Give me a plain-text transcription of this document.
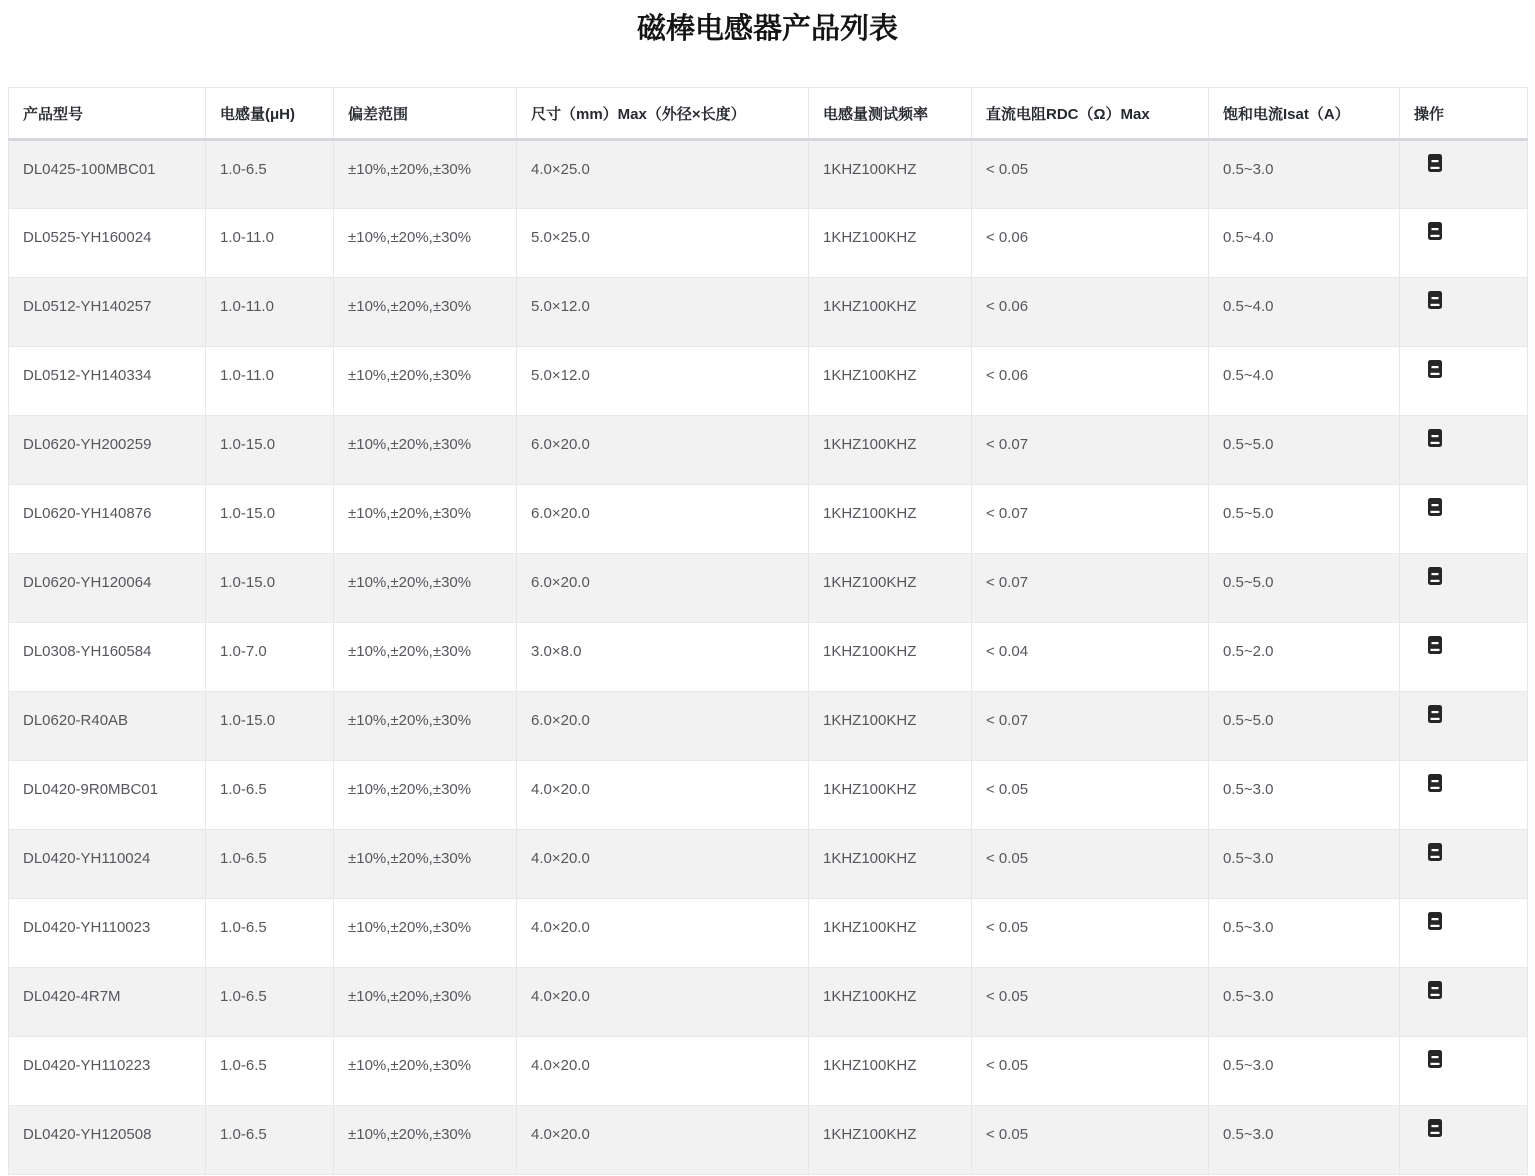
磁棒电感器产品列表
产品型号	电感量(μH)	偏差范围	尺寸（mm）Max（外径×长度）	电感量测试频率	直流电阻RDC（Ω）Max	饱和电流Isat（A）	操作
DL0425-100MBC01	1.0-6.5	±10%,±20%,±30%	4.0×25.0	1KHZ100KHZ	< 0.05	0.5~3.0	
DL0525-YH160024	1.0-11.0	±10%,±20%,±30%	5.0×25.0	1KHZ100KHZ	< 0.06	0.5~4.0	
DL0512-YH140257	1.0-11.0	±10%,±20%,±30%	5.0×12.0	1KHZ100KHZ	< 0.06	0.5~4.0	
DL0512-YH140334	1.0-11.0	±10%,±20%,±30%	5.0×12.0	1KHZ100KHZ	< 0.06	0.5~4.0	
DL0620-YH200259	1.0-15.0	±10%,±20%,±30%	6.0×20.0	1KHZ100KHZ	< 0.07	0.5~5.0	
DL0620-YH140876	1.0-15.0	±10%,±20%,±30%	6.0×20.0	1KHZ100KHZ	< 0.07	0.5~5.0	
DL0620-YH120064	1.0-15.0	±10%,±20%,±30%	6.0×20.0	1KHZ100KHZ	< 0.07	0.5~5.0	
DL0308-YH160584	1.0-7.0	±10%,±20%,±30%	3.0×8.0	1KHZ100KHZ	< 0.04	0.5~2.0	
DL0620-R40AB	1.0-15.0	±10%,±20%,±30%	6.0×20.0	1KHZ100KHZ	< 0.07	0.5~5.0	
DL0420-9R0MBC01	1.0-6.5	±10%,±20%,±30%	4.0×20.0	1KHZ100KHZ	< 0.05	0.5~3.0	
DL0420-YH110024	1.0-6.5	±10%,±20%,±30%	4.0×20.0	1KHZ100KHZ	< 0.05	0.5~3.0	
DL0420-YH110023	1.0-6.5	±10%,±20%,±30%	4.0×20.0	1KHZ100KHZ	< 0.05	0.5~3.0	
DL0420-4R7M	1.0-6.5	±10%,±20%,±30%	4.0×20.0	1KHZ100KHZ	< 0.05	0.5~3.0	
DL0420-YH110223	1.0-6.5	±10%,±20%,±30%	4.0×20.0	1KHZ100KHZ	< 0.05	0.5~3.0	
DL0420-YH120508	1.0-6.5	±10%,±20%,±30%	4.0×20.0	1KHZ100KHZ	< 0.05	0.5~3.0	
